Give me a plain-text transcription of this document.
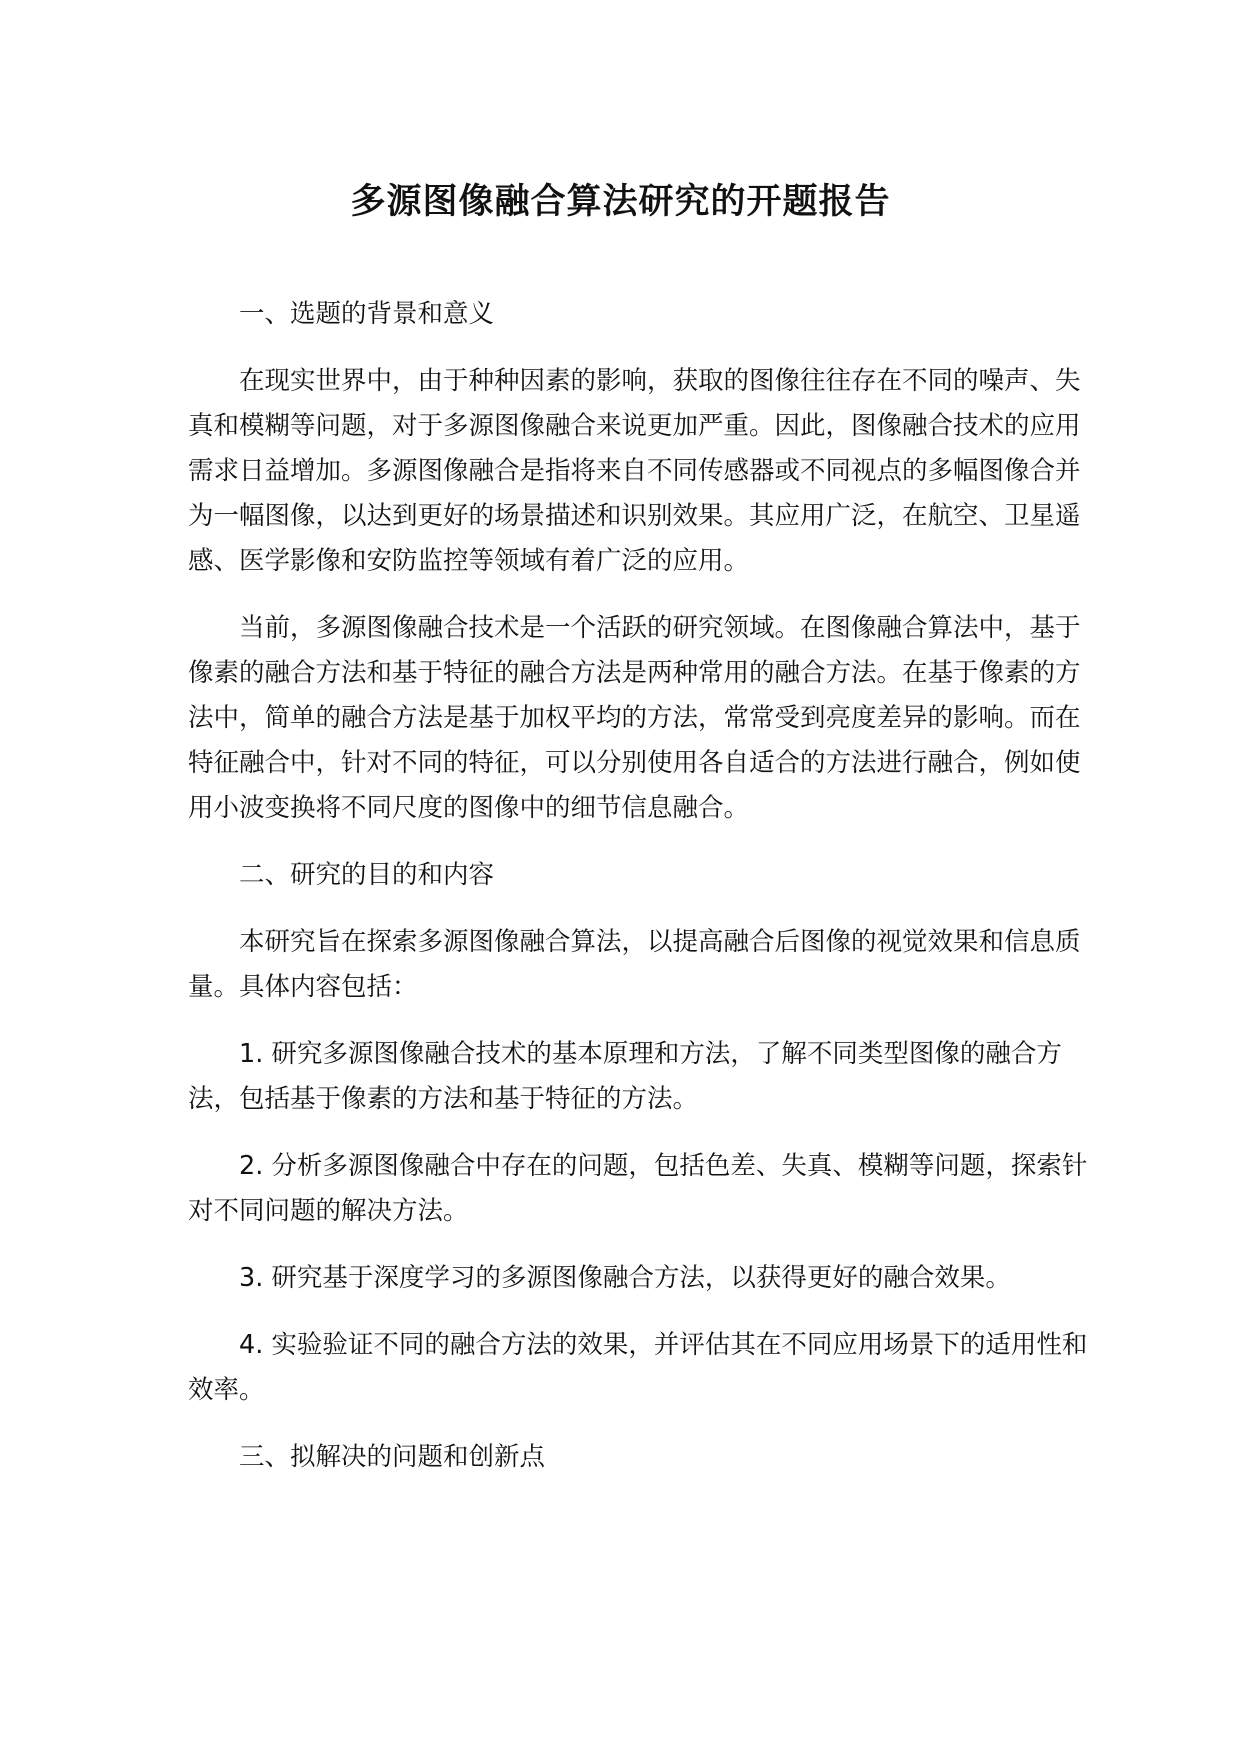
多源图像融合算法研究的开题报告

一、选题的背景和意义

在现实世界中，由于种种因素的影响，获取的图像往往存在不同的噪声、失真和模糊等问题，对于多源图像融合来说更加严重。因此，图像融合技术的应用需求日益增加。多源图像融合是指将来自不同传感器或不同视点的多幅图像合并为一幅图像，以达到更好的场景描述和识别效果。其应用广泛，在航空、卫星遥感、医学影像和安防监控等领域有着广泛的应用。

当前，多源图像融合技术是一个活跃的研究领域。在图像融合算法中，基于像素的融合方法和基于特征的融合方法是两种常用的融合方法。在基于像素的方法中，简单的融合方法是基于加权平均的方法，常常受到亮度差异的影响。而在特征融合中，针对不同的特征，可以分别使用各自适合的方法进行融合，例如使用小波变换将不同尺度的图像中的细节信息融合。

二、研究的目的和内容

本研究旨在探索多源图像融合算法，以提高融合后图像的视觉效果和信息质量。具体内容包括：

1. 研究多源图像融合技术的基本原理和方法，了解不同类型图像的融合方法，包括基于像素的方法和基于特征的方法。

2. 分析多源图像融合中存在的问题，包括色差、失真、模糊等问题，探索针对不同问题的解决方法。

3. 研究基于深度学习的多源图像融合方法，以获得更好的融合效果。

4. 实验验证不同的融合方法的效果，并评估其在不同应用场景下的适用性和效率。

三、拟解决的问题和创新点
